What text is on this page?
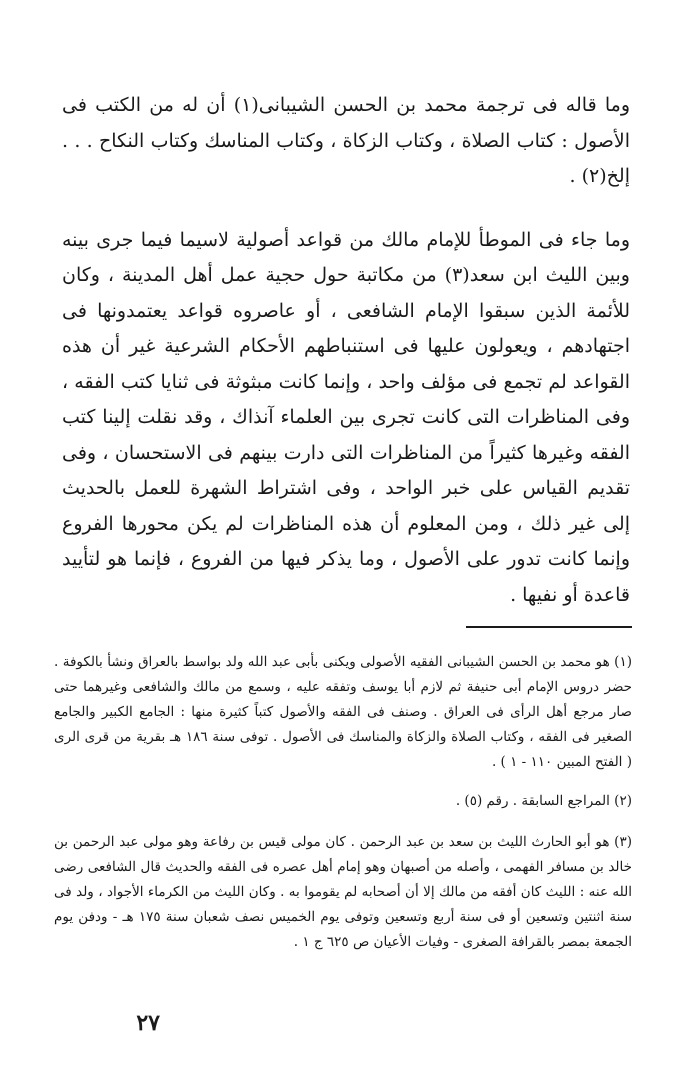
وما قاله فى ترجمة محمد بن الحسن الشيبانى(١) أن له من الكتب فى الأصول : كتاب الصلاة ، وكتاب الزكاة ، وكتاب المناسك وكتاب النكاح . . . إلخ(٢) .

وما جاء فى الموطأ للإمام مالك من قواعد أصولية لاسيما فيما جرى بينه وبين الليث ابن سعد(٣) من مكاتبة حول حجية عمل أهل المدينة ، وكان للأئمة الذين سبقوا الإمام الشافعى ، أو عاصروه قواعد يعتمدونها فى اجتهادهم ، ويعولون عليها فى استنباطهم الأحكام الشرعية غير أن هذه القواعد لم تجمع فى مؤلف واحد ، وإنما كانت مبثوثة فى ثنايا كتب الفقه ، وفى المناظرات التى كانت تجرى بين العلماء آنذاك ، وقد نقلت إلينا كتب الفقه وغيرها كثيراً من المناظرات التى دارت بينهم فى الاستحسان ، وفى تقديم القياس على خبر الواحد ، وفى اشتراط الشهرة للعمل بالحديث إلى غير ذلك ، ومن المعلوم أن هذه المناظرات لم يكن محورها الفروع وإنما كانت تدور على الأصول ، وما يذكر فيها من الفروع ، فإنما هو لتأييد قاعدة أو نفيها .

(١) هو محمد بن الحسن الشيبانى الفقيه الأصولى ويكنى بأبى عبد الله ولد بواسط بالعراق ونشأ بالكوفة . حضر دروس الإمام أبى حنيفة ثم لازم أبا يوسف وتفقه عليه ، وسمع من مالك والشافعى وغيرهما حتى صار مرجع أهل الرأى فى العراق . وصنف فى الفقه والأصول كتباً كثيرة منها : الجامع الكبير والجامع الصغير فى الفقه ، وكتاب الصلاة والزكاة والمناسك فى الأصول . توفى سنة ١٨٦ هـ بقرية من قرى الرى ( الفتح المبين ١١٠ - ١ ) .

(٢) المراجع السابقة . رقم (٥) .

(٣) هو أبو الحارث الليث بن سعد بن عبد الرحمن . كان مولى قيس بن رفاعة وهو مولى عبد الرحمن بن خالد بن مسافر الفهمى ، وأصله من أصبهان وهو إمام أهل عصره فى الفقه والحديث قال الشافعى رضى الله عنه : الليث كان أفقه من مالك إلا أن أصحابه لم يقوموا به . وكان الليث من الكرماء الأجواد ، ولد فى سنة اثنتين وتسعين أو فى سنة أربع وتسعين وتوفى يوم الخميس نصف شعبان سنة ١٧٥ هـ - ودفن يوم الجمعة بمصر بالقرافة الصغرى - وفيات الأعيان ص ٦٢٥ ج ١ .

٢٧
